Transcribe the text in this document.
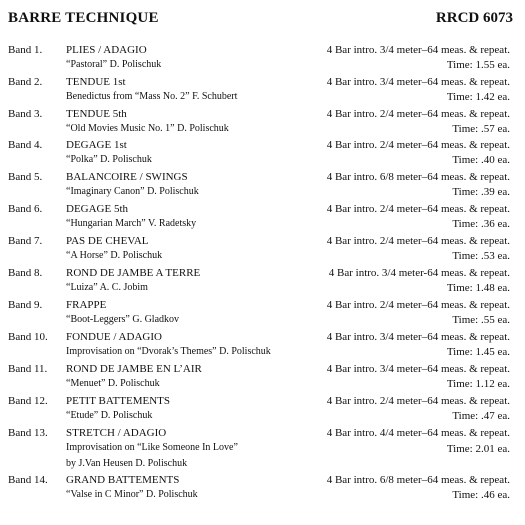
BARRE TECHNIQUE	RRCD 6073
Band 1. PLIES / ADAGIO
“Pastoral” D. Polischuk
4 Bar intro. 3/4 meter–64 meas. & repeat.
Time: 1.55 ea.
Band 2. TENDUE 1st
Benedictus from “Mass No. 2” F. Schubert
4 Bar intro. 3/4 meter–64 meas. & repeat.
Time: 1.42 ea.
Band 3. TENDUE 5th
“Old Movies Music No. 1” D. Polischuk
4 Bar intro. 2/4 meter–64 meas. & repeat.
Time: .57 ea.
Band 4. DEGAGE 1st
“Polka” D. Polischuk
4 Bar intro. 2/4 meter–64 meas. & repeat.
Time: .40 ea.
Band 5. BALANCOIRE / SWINGS
“Imaginary Canon” D. Polischuk
4 Bar intro. 6/8 meter–64 meas. & repeat.
Time: .39 ea.
Band 6. DEGAGE 5th
“Hungarian March” V. Radetsky
4 Bar intro. 2/4 meter–64 meas. & repeat.
Time: .36 ea.
Band 7. PAS DE CHEVAL
“A Horse” D. Polischuk
4 Bar intro. 2/4 meter–64 meas. & repeat.
Time: .53 ea.
Band 8. ROND DE JAMBE A TERRE
“Luiza” A. C. Jobim
4 Bar intro. 3/4 meter-64 meas. & repeat.
Time: 1.48 ea.
Band 9. FRAPPE
“Boot-Leggers” G. Gladkov
4 Bar intro. 2/4 meter–64 meas. & repeat.
Time: .55 ea.
Band 10. FONDUE / ADAGIO
Improvisation on “Dvorak’s Themes” D. Polischuk
4 Bar intro. 3/4 meter–64 meas. & repeat.
Time: 1.45 ea.
Band 11. ROND DE JAMBE EN L’AIR
“Menuet” D. Polischuk
4 Bar intro. 3/4 meter–64 meas. & repeat.
Time: 1.12 ea.
Band 12. PETIT BATTEMENTS
“Etude” D. Polischuk
4 Bar intro. 2/4 meter–64 meas. & repeat.
Time: .47 ea.
Band 13. STRETCH / ADAGIO
Improvisation on “Like Someone In Love”
by J.Van Heusen D. Polischuk
4 Bar intro. 4/4 meter–64 meas. & repeat.
Time: 2.01 ea.
Band 14. GRAND BATTEMENTS
“Valse in C Minor” D. Polischuk
4 Bar intro. 6/8 meter–64 meas. & repeat.
Time: .46 ea.
